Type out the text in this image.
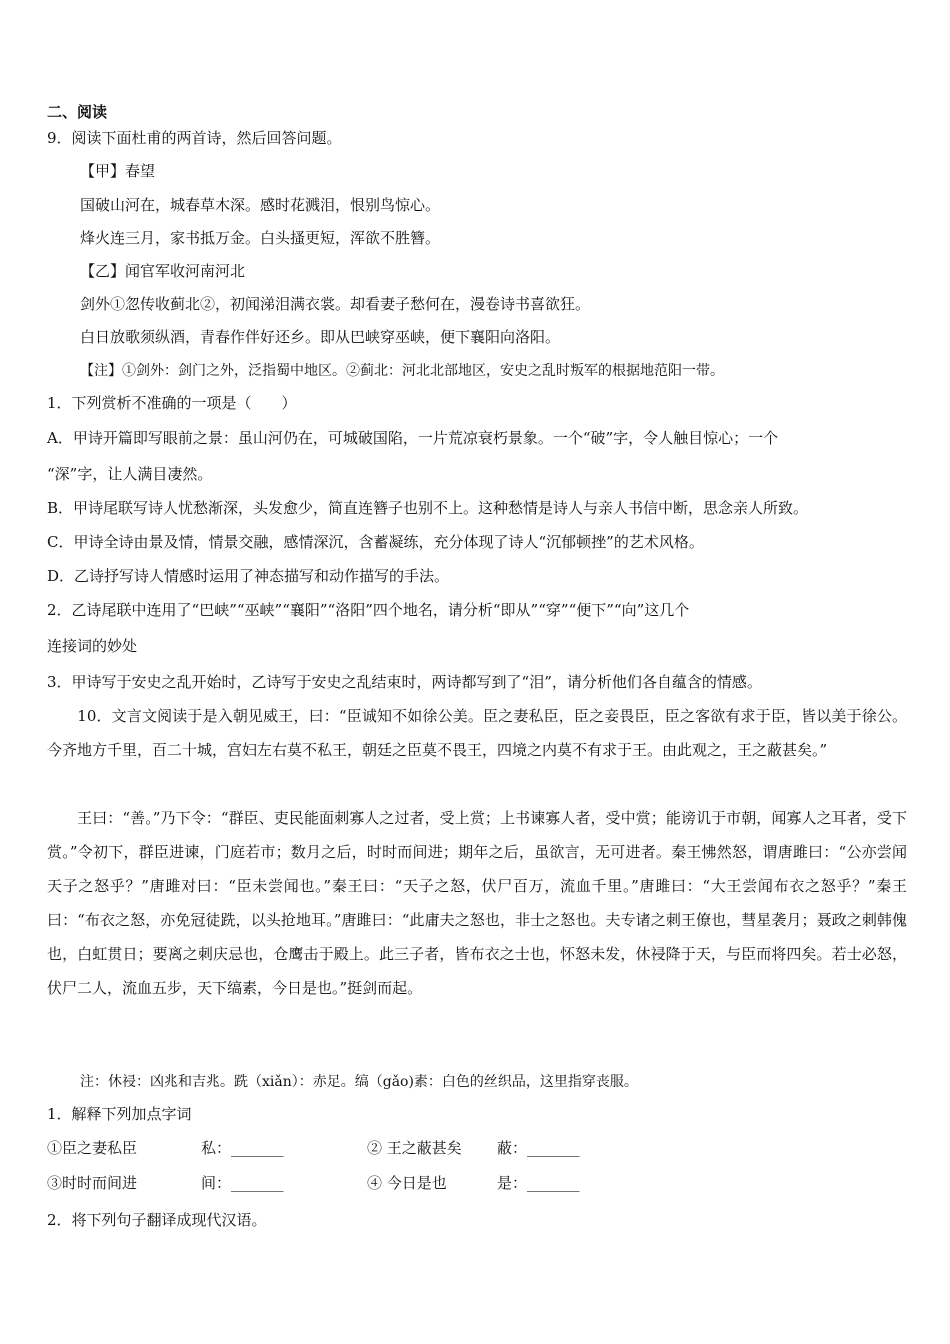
二、阅读
9．阅读下面杜甫的两首诗，然后回答问题。
【甲】春望
国破山河在，城春草木深。感时花溅泪，恨别鸟惊心。
烽火连三月，家书抵万金。白头搔更短，浑欲不胜簪。
【乙】闻官军收河南河北
剑外①忽传收蓟北②，初闻涕泪满衣裳。却看妻子愁何在，漫卷诗书喜欲狂。
白日放歌须纵酒，青春作伴好还乡。即从巴峡穿巫峡，便下襄阳向洛阳。
【注】①剑外：剑门之外，泛指蜀中地区。②蓟北：河北北部地区，安史之乱时叛军的根据地范阳一带。
1．下列赏析不准确的一项是（　　）
A．甲诗开篇即写眼前之景：虽山河仍在，可城破国陷，一片荒凉衰朽景象。一个“破”字，令人触目惊心；一个
“深”字，让人满目凄然。
B．甲诗尾联写诗人忧愁渐深，头发愈少，简直连簪子也别不上。这种愁情是诗人与亲人书信中断，思念亲人所致。
C．甲诗全诗由景及情，情景交融，感情深沉，含蓄凝练，充分体现了诗人“沉郁顿挫”的艺术风格。
D．乙诗抒写诗人情感时运用了神态描写和动作描写的手法。
2．乙诗尾联中连用了“巴峡”“巫峡”“襄阳”“洛阳”四个地名，请分析“即从”“穿”“便下”“向”这几个
连接词的妙处
3．甲诗写于安史之乱开始时，乙诗写于安史之乱结束时，两诗都写到了“泪”，请分析他们各自蕴含的情感。
　　10．文言文阅读于是入朝见威王，曰：“臣诚知不如徐公美。臣之妻私臣，臣之妾畏臣，臣之客欲有求于臣，皆以美于徐公。今齐地方千里，百二十城，宫妇左右莫不私王，朝廷之臣莫不畏王，四境之内莫不有求于王。由此观之，王之蔽甚矣。”
　　王曰：“善。”乃下令：“群臣、吏民能面刺寡人之过者，受上赏；上书谏寡人者，受中赏；能谤讥于市朝，闻寡人之耳者，受下赏。”令初下，群臣进谏，门庭若市；数月之后，时时而间进；期年之后，虽欲言，无可进者。秦王怫然怒，谓唐雎曰：“公亦尝闻天子之怒乎？”唐雎对曰：“臣未尝闻也。”秦王曰：“天子之怒，伏尸百万，流血千里。”唐雎曰：“大王尝闻布衣之怒乎？”秦王曰：“布衣之怒，亦免冠徒跣，以头抢地耳。”唐雎曰：“此庸夫之怒也，非士之怒也。夫专诸之刺王僚也，彗星袭月；聂政之刺韩傀也，白虹贯日；要离之刺庆忌也，仓鹰击于殿上。此三子者，皆布衣之士也，怀怒未发，休祲降于天，与臣而将四矣。若士必怒，伏尸二人，流血五步，天下缟素，今日是也。”挺剑而起。
注：休祲：凶兆和吉兆。跣（xiǎn）：赤足。缟（gǎo)素：白色的丝织品，这里指穿丧服。
1．解释下列加点字词
①臣之妻私臣	私：_______	② 王之蔽甚矣 蔽：_______
③时时而间进	间：_______	④ 今日是也	是：_______
2．将下列句子翻译成现代汉语。
